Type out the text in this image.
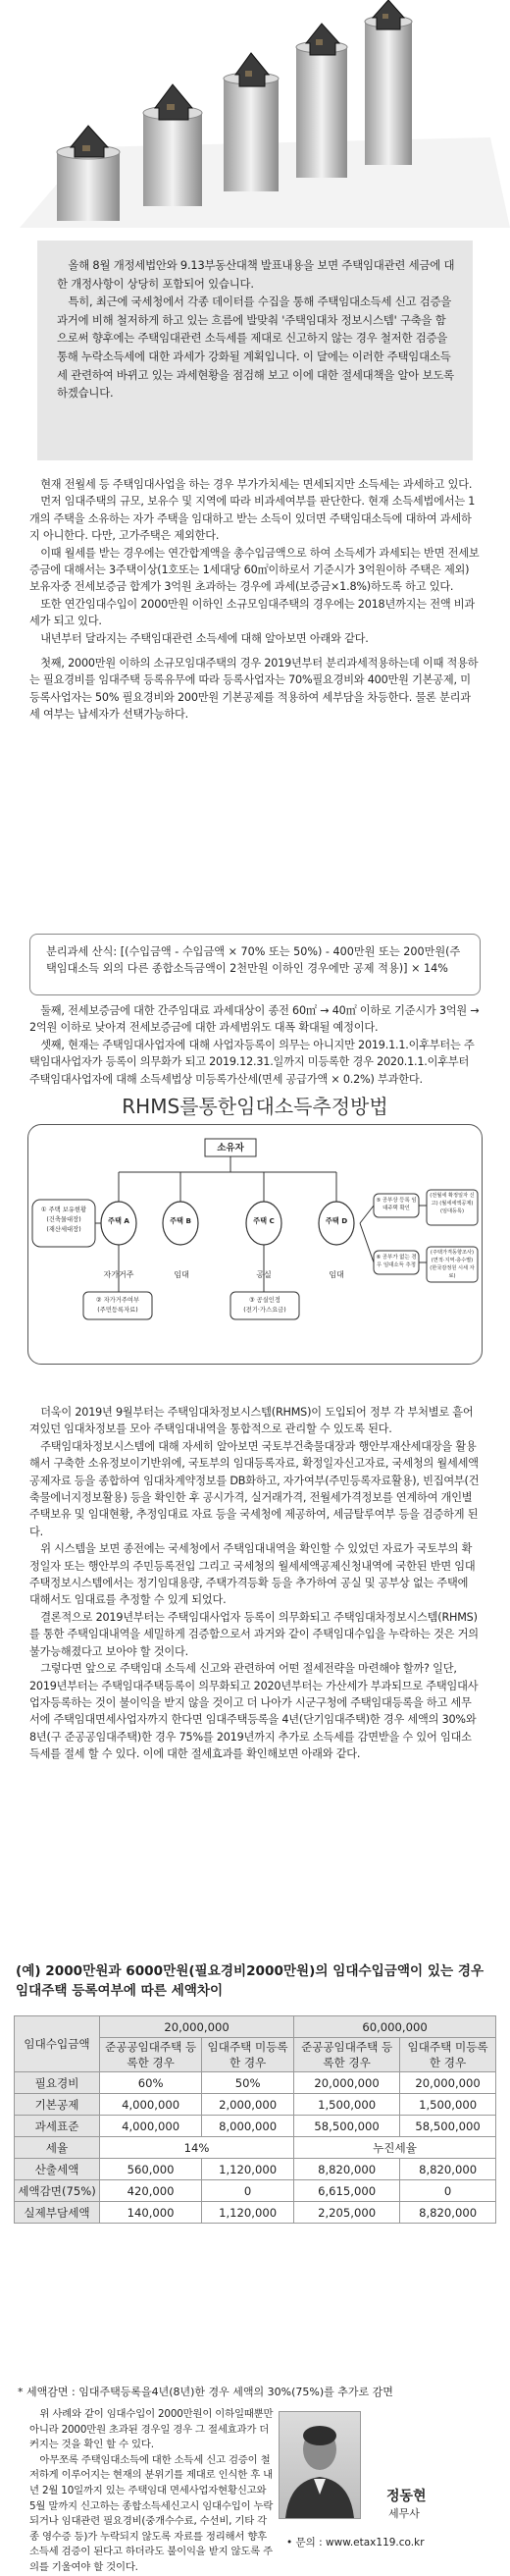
올해 8월 개정세법안와 9.13부동산대책 발표내용을 보면 주택임대관련 세금에 대한 개정사항이 상당히 포함되어 있습니다.

특히, 최근에 국세청에서 각종 데이터를 수집을 통해 주택임대소득세 신고 검증을 과거에 비해 철저하게 하고 있는 흐름에 발맞춰 '주택임대차 정보시스템' 구축을 함으로써 향후에는 주택임대관련 소득세를 제대로 신고하지 않는 경우 철저한 검증을 통해 누락소득세에 대한 과세가 강화될 계획입니다. 이 달에는 이러한 주택임대소득세 관련하여 바뀌고 있는 과세현황을 점검해 보고 이에 대한 절세대책을 알아 보도록 하겠습니다.

현재 전월세 등 주택임대사업을 하는 경우 부가가치세는 면세되지만 소득세는 과세하고 있다.

먼저 임대주택의 규모, 보유수 및 지역에 따라 비과세여부를 판단한다. 현재 소득세법에서는 1개의 주택을 소유하는 자가 주택을 임대하고 받는 소득이 있더면 주택임대소득에 대하여 과세하지 아니한다. 다만, 고가주택은 제외한다.

이때 월세를 받는 경우에는 연간합계액을 총수입금액으로 하여 소득세가 과세되는 반면 전세보증금에 대해서는 3주택이상(1호또는 1세대당 60㎡이하로서 기준시가 3억원이하 주택은 제외) 보유자중 전세보증금 합계가 3억원 초과하는 경우에 과세(보증금×1.8%)하도록 하고 있다.

또한 연간임대수입이 2000만원 이하인 소규모임대주택의 경우에는 2018년까지는 전액 비과세가 되고 있다.

내년부터 달라지는 주택임대관련 소득세에 대해 알아보면 아래와 같다.

첫째, 2000만원 이하의 소규모임대주택의 경우 2019년부터 분리과세적용하는데 이때 적용하는 필요경비를 임대주택 등록유무에 따라 등록사업자는 70%필요경비와 400만원 기본공제, 미등록사업자는 50% 필요경비와 200만원 기본공제를 적용하여 세부담을 차등한다. 물론 분리과세 여부는 납세자가 선택가능하다.

분리과세 산식: [(수입금액 - 수입금액 × 70% 또는 50%) - 400만원 또는 200만원(주택임대소득 외의 다른 종합소득금액이 2천만원 이하인 경우에만 공제 적용)] × 14%

둘째, 전세보증금에 대한 간주임대료 과세대상이 종전 60㎡ → 40㎡ 이하로 기준시가 3억원 → 2억원 이하로 낮아져 전세보증금에 대한 과세범위도 대폭 확대될 예정이다.

셋째, 현재는 주택임대사업자에 대해 사업자등록이 의무는 아니지만 2019.1.1.이후부터는 주택임대사업자가 등록이 의무화가 되고 2019.12.31.일까지 미등록한 경우 2020.1.1.이후부터 주택임대사업자에 대해 소득세법상 미등록가산세(면세 공급가액 × 0.2%) 부과한다.

RHMS를통한임대소득추정방법
소유자
① 주택 보유현황
(건축물대장)
(재산세대장)
주택 A	주택 B	주택 C	주택 D
자가거주	임대	공실	임대
② 자가거주여부
(주민등록자료)
③ 공실인정
(전기·가스요금)
⑤ 공부상 등록 임대주택 확인
⑥ 공부가 없는 경우 임대소득 추정
(전월세 확정일자 신고) (월세세액공제) (임대등록)
(주택가격동향조사) (면적·지역·층수별) (한국감정원 시세 자료)

더욱이 2019년 9월부터는 주택임대차정보시스템(RHMS)이 도입되어 정부 각 부처별로 흩어져있던 임대차정보를 모아 주택임대내역을 통합적으로 관리할 수 있도록 된다.

주택임대차정보시스템에 대해 자세히 알아보면 국토부건축물대장과 행안부재산세대장을 활용해서 구축한 소유정보이기반위에, 국토부의 임대등록자료, 확정일자신고자료, 국세청의 월세세액공제자료 등을 종합하여 임대차계약정보를 DB화하고, 자가여부(주민등록자료활용), 빈집여부(건축물에너지정보활용) 등을 확인한 후 공시가격, 실거래가격, 전월세가격정보를 연계하여 개인별주택보유 및 임대현황, 추정임대료 자료 등을 국세청에 제공하여, 세금탈루여부 등을 검증하게 된다.

위 시스템을 보면 종전에는 국세청에서 주택임대내역을 확인할 수 있었던 자료가 국토부의 확정일자 또는 행안부의 주민등록전입 그리고 국세청의 월세세액공제신청내역에 국한된 반면 임대주택정보시스템에서는 정기임대용량, 주택가격등확 등을 추가하여 공실 및 공부상 없는 주택에 대해서도 임대료를 추정할 수 있게 되었다.

결론적으로 2019년부터는 주택임대사업자 등록이 의무화되고 주택임대차정보시스템(RHMS)를 통한 주택임대내역을 세밀하게 검증함으로서 과거와 같이 주택임대수입을 누락하는 것은 거의 불가능해졌다고 보아야 할 것이다.

그렇다면 앞으로 주택임대 소득세 신고와 관련하여 어떤 절세전략을 마련해야 할까? 일단, 2019년부터는 주택임대주택등록이 의무화되고 2020년부터는 가산세가 부과되므로 주택임대사업자등록하는 것이 불이익을 받지 않을 것이고 더 나아가 시군구청에 주택임대등록을 하고 세무서에 주택임대면세사업자까지 한다면 임대주택등록을 4년(단기임대주택)한 경우 세액의 30%와 8년(구 준공공임대주택)한 경우 75%를 2019년까지 추가로 소득세를 감면받을 수 있어 임대소득세를 절세 할 수 있다. 이에 대한 절세효과를 확인해보면 아래와 같다.

(예) 2000만원과 6000만원(필요경비2000만원)의 임대수입금액이 있는 경우 임대주택 등록여부에 따른 세액차이
임대수입금액	20,000,000		60,000,000	
	준공공임대주택 등록한 경우	임대주택 미등록한 경우	준공공임대주택 등록한 경우	임대주택 미등록한 경우
필요경비	60%	50%	20,000,000	20,000,000
기본공제	4,000,000	2,000,000	1,500,000	1,500,000
과세표준	4,000,000	8,000,000	58,500,000	58,500,000
세율	14%		누진세율	
산출세액	560,000	1,120,000	8,820,000	8,820,000
세액감면(75%)	420,000	0	6,615,000	0
실제부담세액	140,000	1,120,000	2,205,000	8,820,000
* 세액감면 : 임대주택등록을4년(8년)한 경우 세액의 30%(75%)를 추가로 감면

위 사례와 같이 임대수입이 2000만원이 이하일때뿐만 아니라 2000만원 초과된 경우일 경우 그 절세효과가 더 커지는 것을 확인 할 수 있다.

아무쪼록 주택임대소득에 대한 소득세 신고 검증이 철저하게 이루어지는 현재의 분위기를 제대로 인식한 후 내년 2월 10일까지 있는 주택임대 면세사업자현황신고와 5월 말까지 신고하는 종합소득세신고시 임대수입이 누락되거나 임대관련 필요경비(중개수수료, 수선비, 기타 각종 영수증 등)가 누락되지 않도록 자료를 정리해서 향후 소득세 검증이 된다고 하더라도 불이익을 받지 않도록 주의를 기울여야 할 것이다.

정동현
세무사
• 문의 : www.etax119.co.kr
